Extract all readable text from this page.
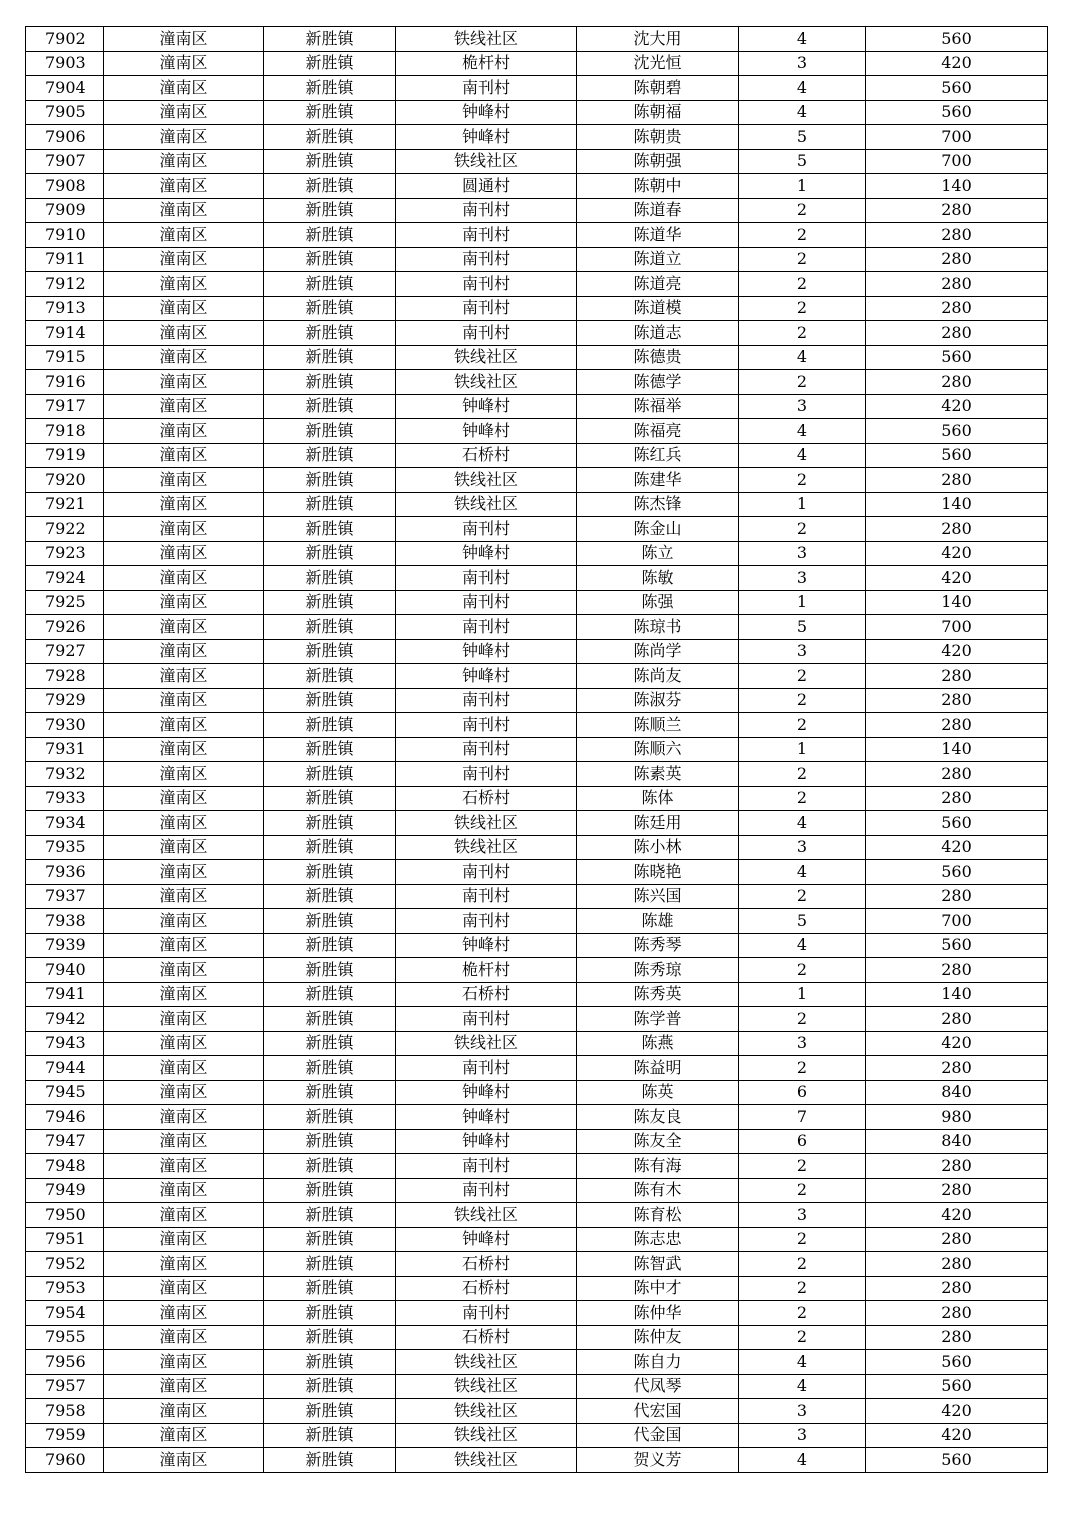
7902	潼南区	新胜镇	铁线社区	沈大用	4	560
7903	潼南区	新胜镇	桅杆村	沈光恒	3	420
7904	潼南区	新胜镇	南刊村	陈朝碧	4	560
7905	潼南区	新胜镇	钟峰村	陈朝福	4	560
7906	潼南区	新胜镇	钟峰村	陈朝贵	5	700
7907	潼南区	新胜镇	铁线社区	陈朝强	5	700
7908	潼南区	新胜镇	圆通村	陈朝中	1	140
7909	潼南区	新胜镇	南刊村	陈道春	2	280
7910	潼南区	新胜镇	南刊村	陈道华	2	280
7911	潼南区	新胜镇	南刊村	陈道立	2	280
7912	潼南区	新胜镇	南刊村	陈道亮	2	280
7913	潼南区	新胜镇	南刊村	陈道模	2	280
7914	潼南区	新胜镇	南刊村	陈道志	2	280
7915	潼南区	新胜镇	铁线社区	陈德贵	4	560
7916	潼南区	新胜镇	铁线社区	陈德学	2	280
7917	潼南区	新胜镇	钟峰村	陈福举	3	420
7918	潼南区	新胜镇	钟峰村	陈福亮	4	560
7919	潼南区	新胜镇	石桥村	陈红兵	4	560
7920	潼南区	新胜镇	铁线社区	陈建华	2	280
7921	潼南区	新胜镇	铁线社区	陈杰锋	1	140
7922	潼南区	新胜镇	南刊村	陈金山	2	280
7923	潼南区	新胜镇	钟峰村	陈立	3	420
7924	潼南区	新胜镇	南刊村	陈敏	3	420
7925	潼南区	新胜镇	南刊村	陈强	1	140
7926	潼南区	新胜镇	南刊村	陈琼书	5	700
7927	潼南区	新胜镇	钟峰村	陈尚学	3	420
7928	潼南区	新胜镇	钟峰村	陈尚友	2	280
7929	潼南区	新胜镇	南刊村	陈淑芬	2	280
7930	潼南区	新胜镇	南刊村	陈顺兰	2	280
7931	潼南区	新胜镇	南刊村	陈顺六	1	140
7932	潼南区	新胜镇	南刊村	陈素英	2	280
7933	潼南区	新胜镇	石桥村	陈体	2	280
7934	潼南区	新胜镇	铁线社区	陈廷用	4	560
7935	潼南区	新胜镇	铁线社区	陈小林	3	420
7936	潼南区	新胜镇	南刊村	陈晓艳	4	560
7937	潼南区	新胜镇	南刊村	陈兴国	2	280
7938	潼南区	新胜镇	南刊村	陈雄	5	700
7939	潼南区	新胜镇	钟峰村	陈秀琴	4	560
7940	潼南区	新胜镇	桅杆村	陈秀琼	2	280
7941	潼南区	新胜镇	石桥村	陈秀英	1	140
7942	潼南区	新胜镇	南刊村	陈学普	2	280
7943	潼南区	新胜镇	铁线社区	陈燕	3	420
7944	潼南区	新胜镇	南刊村	陈益明	2	280
7945	潼南区	新胜镇	钟峰村	陈英	6	840
7946	潼南区	新胜镇	钟峰村	陈友良	7	980
7947	潼南区	新胜镇	钟峰村	陈友全	6	840
7948	潼南区	新胜镇	南刊村	陈有海	2	280
7949	潼南区	新胜镇	南刊村	陈有木	2	280
7950	潼南区	新胜镇	铁线社区	陈育松	3	420
7951	潼南区	新胜镇	钟峰村	陈志忠	2	280
7952	潼南区	新胜镇	石桥村	陈智武	2	280
7953	潼南区	新胜镇	石桥村	陈中才	2	280
7954	潼南区	新胜镇	南刊村	陈仲华	2	280
7955	潼南区	新胜镇	石桥村	陈仲友	2	280
7956	潼南区	新胜镇	铁线社区	陈自力	4	560
7957	潼南区	新胜镇	铁线社区	代凤琴	4	560
7958	潼南区	新胜镇	铁线社区	代宏国	3	420
7959	潼南区	新胜镇	铁线社区	代金国	3	420
7960	潼南区	新胜镇	铁线社区	贺义芳	4	560
